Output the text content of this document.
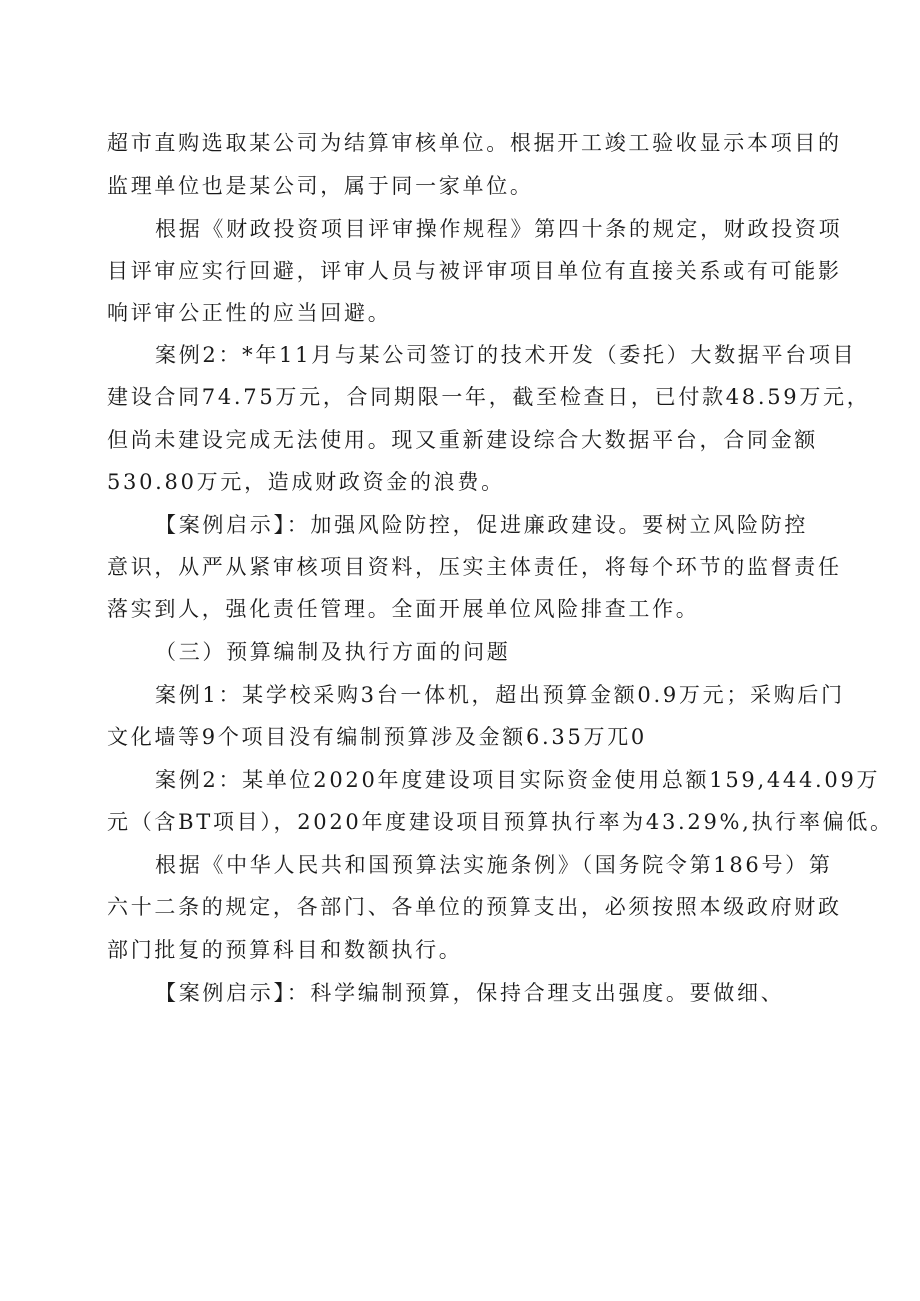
超市直购选取某公司为结算审核单位。根据开工竣工验收显示本项目的
监理单位也是某公司，属于同一家单位。
根据《财政投资项目评审操作规程》第四十条的规定，财政投资项
目评审应实行回避，评审人员与被评审项目单位有直接关系或有可能影
响评审公正性的应当回避。
案例2：*年11月与某公司签订的技术开发（委托）大数据平台项目
建设合同74.75万元，合同期限一年，截至检查日，已付款48.59万元，
但尚未建设完成无法使用。现又重新建设综合大数据平台，合同金额
530.80万元，造成财政资金的浪费。
【案例启示】：加强风险防控，促进廉政建设。要树立风险防控
意识，从严从紧审核项目资料，压实主体责任，将每个环节的监督责任
落实到人，强化责任管理。全面开展单位风险排查工作。
（三）预算编制及执行方面的问题
案例1：某学校采购3台一体机，超出预算金额0.9万元；采购后门
文化墙等9个项目没有编制预算涉及金额6.35万兀0
案例2：某单位2020年度建设项目实际资金使用总额159,444.09万
元（含BT项目），2020年度建设项目预算执行率为43.29%,执行率偏低。
根据《中华人民共和国预算法实施条例》（国务院令第186号）第
六十二条的规定，各部门、各单位的预算支出，必须按照本级政府财政
部门批复的预算科目和数额执行。
【案例启示】：科学编制预算，保持合理支出强度。要做细、
